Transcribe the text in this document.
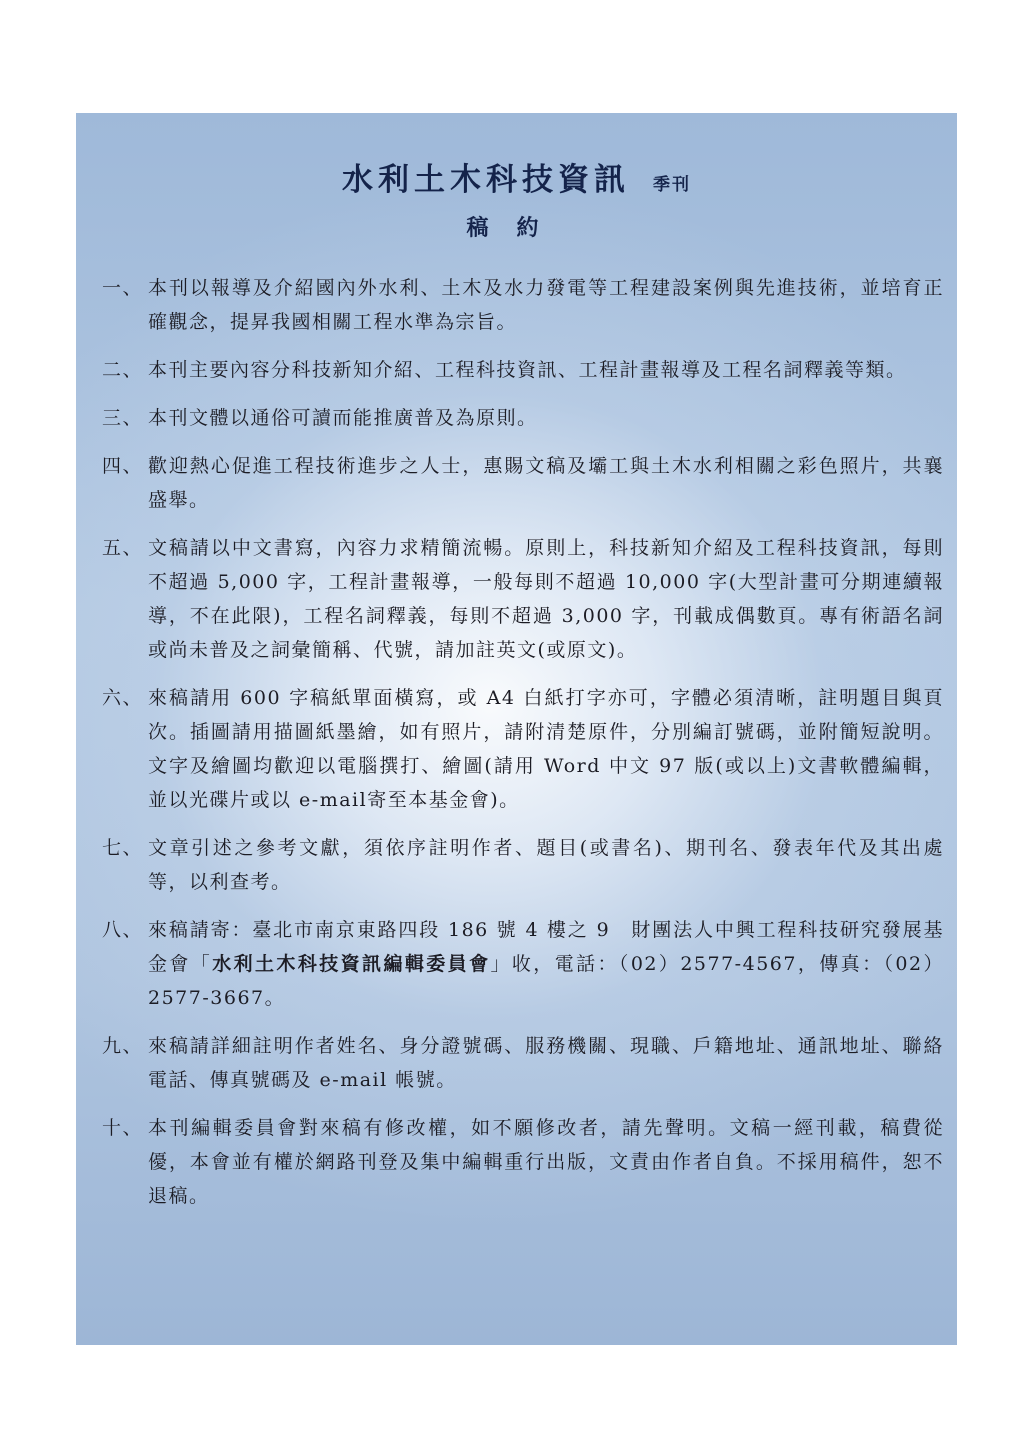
水利土木科技資訊 季刊
稿約
一、 本刊以報導及介紹國內外水利、土木及水力發電等工程建設案例與先進技術，並培育正確觀念，提昇我國相關工程水準為宗旨。
二、 本刊主要內容分科技新知介紹、工程科技資訊、工程計畫報導及工程名詞釋義等類。
三、 本刊文體以通俗可讀而能推廣普及為原則。
四、 歡迎熱心促進工程技術進步之人士，惠賜文稿及壩工與土木水利相關之彩色照片，共襄盛舉。
五、 文稿請以中文書寫，內容力求精簡流暢。原則上，科技新知介紹及工程科技資訊，每則不超過 5,000 字，工程計畫報導，一般每則不超過 10,000 字(大型計畫可分期連續報導，不在此限)，工程名詞釋義，每則不超過 3,000 字，刊載成偶數頁。專有術語名詞或尚未普及之詞彙簡稱、代號，請加註英文(或原文)。
六、 來稿請用 600 字稿紙單面橫寫，或 A4 白紙打字亦可，字體必須清晰，註明題目與頁次。插圖請用描圖紙墨繪，如有照片，請附清楚原件，分別編訂號碼，並附簡短說明。文字及繪圖均歡迎以電腦撰打、繪圖(請用 Word 中文 97 版(或以上)文書軟體編輯，並以光碟片或以 e-mail寄至本基金會)。
七、 文章引述之參考文獻，須依序註明作者、題目(或書名)、期刊名、發表年代及其出處等，以利查考。
八、 來稿請寄：臺北市南京東路四段 186 號 4 樓之 9　財團法人中興工程科技研究發展基金會「水利土木科技資訊編輯委員會」收，電話：（02）2577-4567，傳真：（02）2577-3667。
九、 來稿請詳細註明作者姓名、身分證號碼、服務機關、現職、戶籍地址、通訊地址、聯絡電話、傳真號碼及 e-mail 帳號。
十、 本刊編輯委員會對來稿有修改權，如不願修改者，請先聲明。文稿一經刊載，稿費從優，本會並有權於網路刊登及集中編輯重行出版，文責由作者自負。不採用稿件，恕不退稿。
